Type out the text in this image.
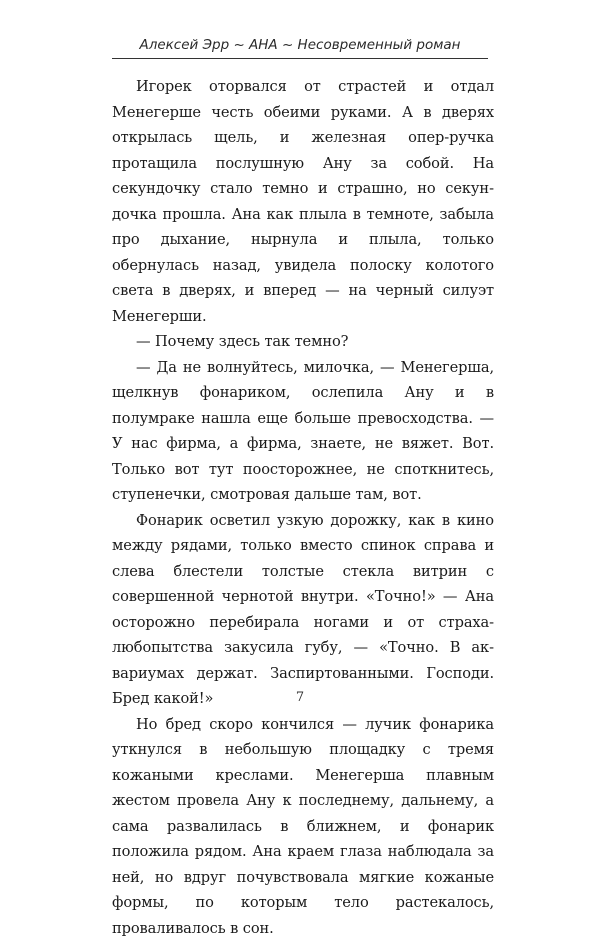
Алексей Эрр ~ АНА ~ Несовременный роман

Игорек оторвался от страстей и отдал Менегерше честь обеими руками. А в дверях открылась щель, и железная опер-ручка протащила послушную Ану за собой. На секундочку стало темно и страшно, но секундочка прошла. Ана как плыла в темноте, забыла про дыхание, нырнула и плыла, только обернулась назад, увидела полоску колотого света в дверях, и вперед — на черный силуэт Менегерши.

— Почему здесь так темно?

— Да не волнуйтесь, милочка, — Менегерша, щелкнув фонариком, ослепила Ану и в полумраке нашла еще больше превосходства. — У нас фирма, а фирма, знаете, не вяжет. Вот. Только вот тут поосторожнее, не споткнитесь, ступенечки, смотровая дальше там, вот.

Фонарик осветил узкую дорожку, как в кино между рядами, только вместо спинок справа и слева блестели толстые стекла витрин с совершенной чернотой внутри. «Точно!» — Ана осторожно перебирала ногами и от страха-любопытства закусила губу, — «Точно. В аквариумах держат. Заспиртованными. Господи. Бред какой!»

Но бред скоро кончился — лучик фонарика уткнулся в небольшую площадку с тремя кожаными креслами. Менегерша плавным жестом провела Ану к последнему, дальнему, а сама развалилась в ближнем, и фонарик положила рядом. Ана краем глаза наблюдала за ней, но вдруг почувствовала мягкие кожаные формы, по которым тело растекалось, проваливалось в сон.

7
